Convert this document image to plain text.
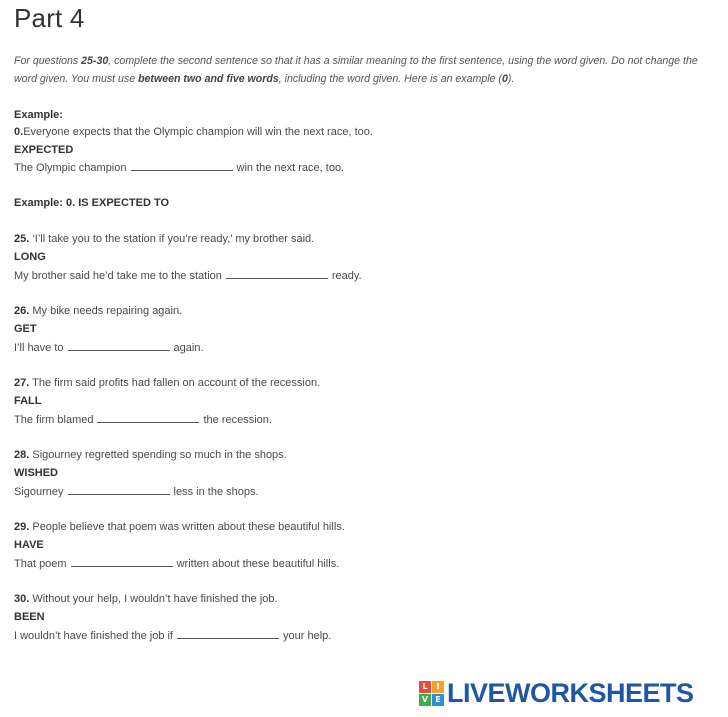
Part 4
For questions 25-30, complete the second sentence so that it has a similar meaning to the first sentence, using the word given. Do not change the word given. You must use between two and five words, including the word given. Here is an example (0).
Example:
0.Everyone expects that the Olympic champion will win the next race, too.
EXPECTED
The Olympic champion	win the next race, too.
Example: 0. IS EXPECTED TO
25. ‘I’ll take you to the station if you’re ready,’ my brother said.
LONG
My brother said he’d take me to the station	ready.
26. My bike needs repairing again.
GET
I’ll have to	again.
27. The firm said profits had fallen on account of the recession.
FALL
The firm blamed	the recession.
28. Sigourney regretted spending so much in the shops.
WISHED
Sigourney	less in the shops.
29. People believe that poem was written about these beautiful hills.
HAVE
That poem	written about these beautiful hills.
30. Without your help, I wouldn’t have finished the job.
BEEN
I wouldn’t have finished the job if	your help.
L	I
V E LIVEWORKSHEETS
